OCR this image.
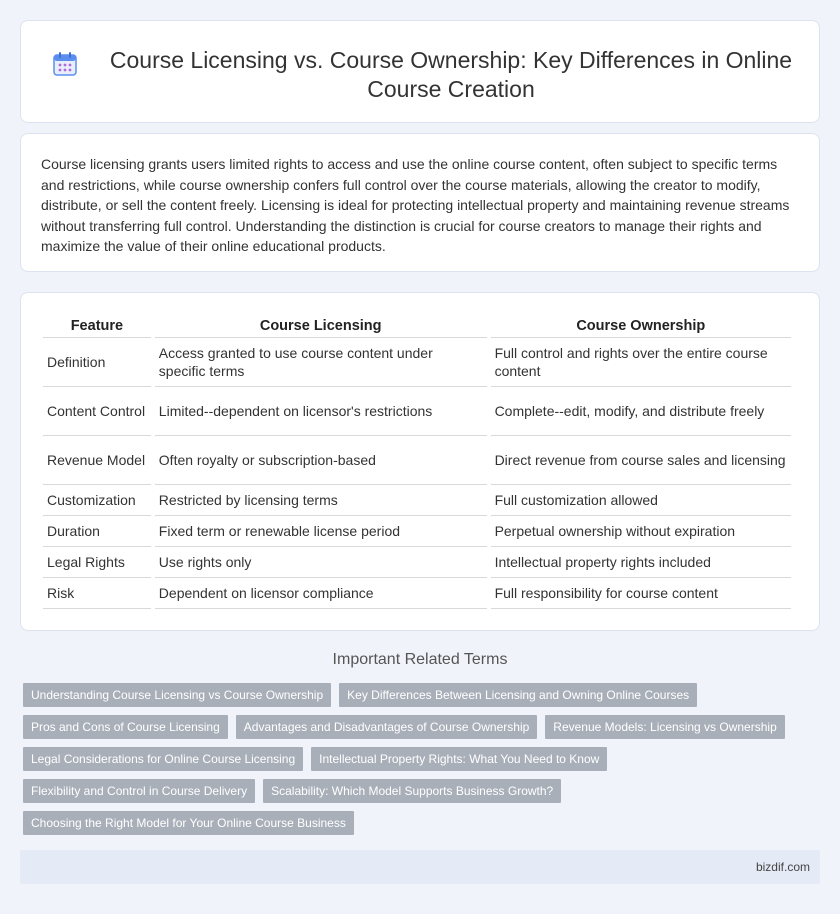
Course Licensing vs. Course Ownership: Key Differences in Online Course Creation

Course licensing grants users limited rights to access and use the online course content, often subject to specific terms and restrictions, while course ownership confers full control over the course materials, allowing the creator to modify, distribute, or sell the content freely. Licensing is ideal for protecting intellectual property and maintaining revenue streams without transferring full control. Understanding the distinction is crucial for course creators to manage their rights and maximize the value of their online educational products.

Feature	Course Licensing	Course Ownership
Definition	Access granted to use course content under specific terms	Full control and rights over the entire course content
Content Control	Limited--dependent on licensor's restrictions	Complete--edit, modify, and distribute freely
Revenue Model	Often royalty or subscription-based	Direct revenue from course sales and licensing
Customization	Restricted by licensing terms	Full customization allowed
Duration	Fixed term or renewable license period	Perpetual ownership without expiration
Legal Rights	Use rights only	Intellectual property rights included
Risk	Dependent on licensor compliance	Full responsibility for course content
Important Related Terms
Understanding Course Licensing vs Course Ownership	Key Differences Between Licensing and Owning Online Courses
Pros and Cons of Course Licensing	Advantages and Disadvantages of Course Ownership	Revenue Models: Licensing vs Ownership
Legal Considerations for Online Course Licensing	Intellectual Property Rights: What You Need to Know
Flexibility and Control in Course Delivery	Scalability: Which Model Supports Business Growth?
Choosing the Right Model for Your Online Course Business
bizdif.com
